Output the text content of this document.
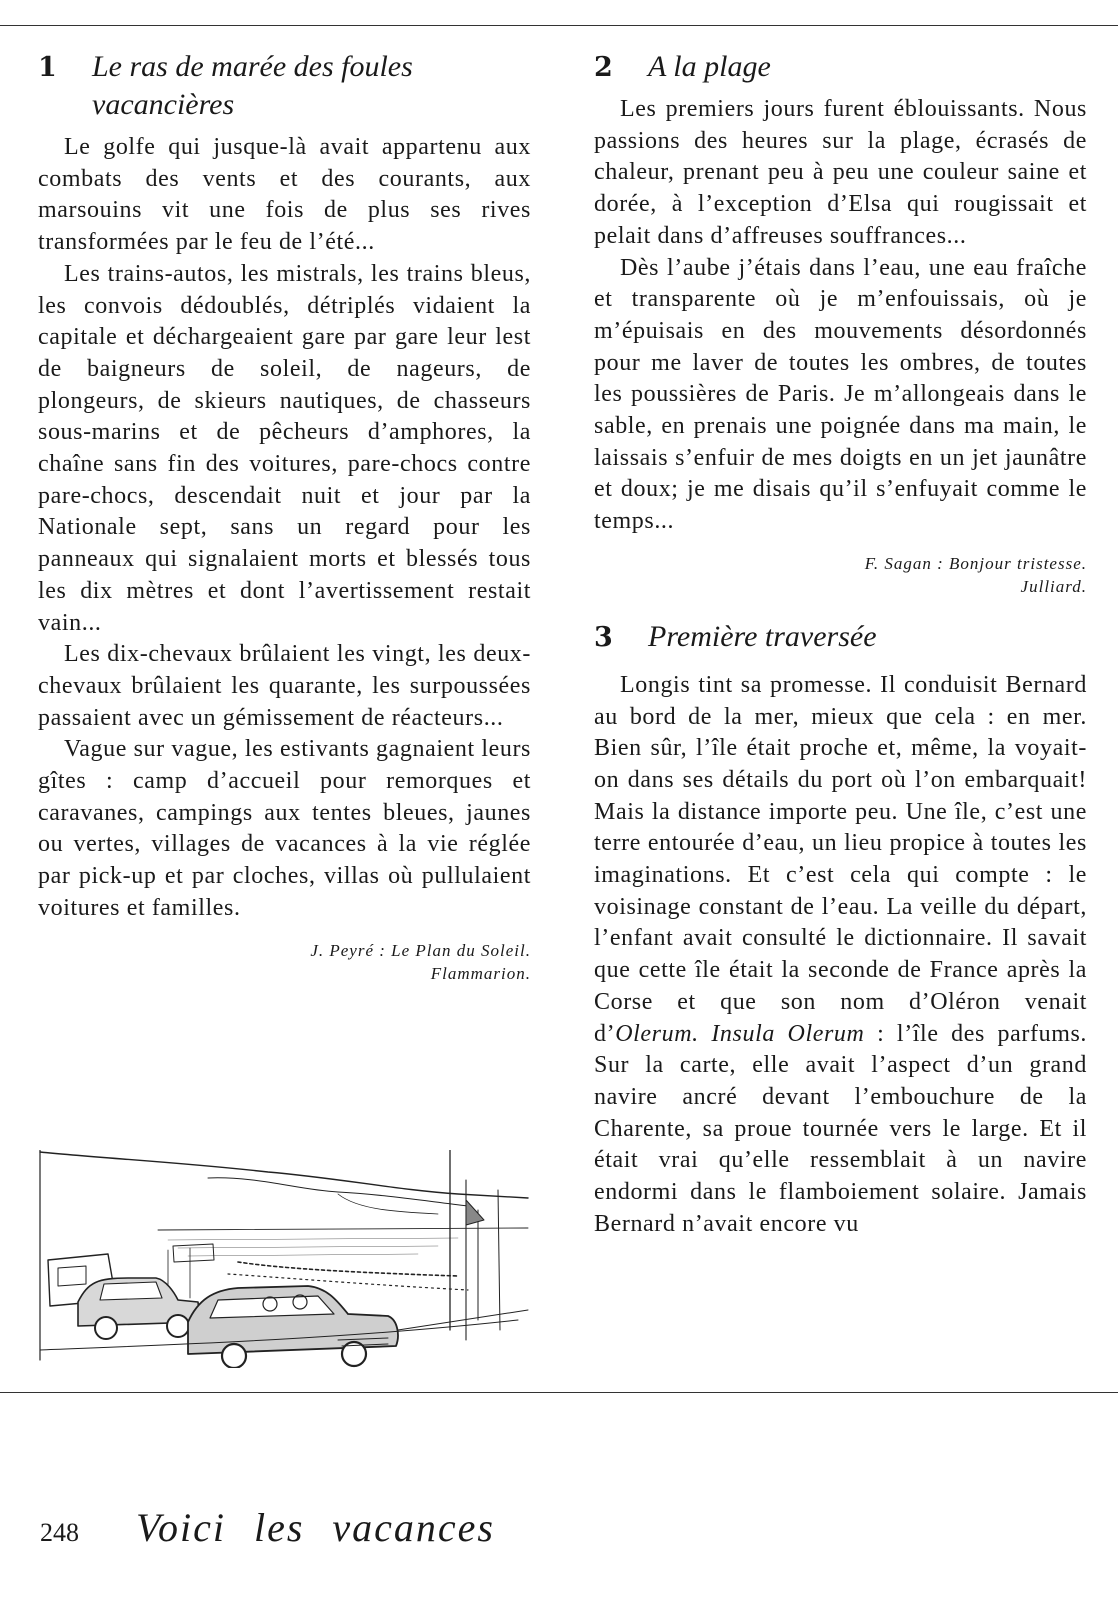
1	Le ras de marée des foules vacancières

Le golfe qui jusque-là avait appartenu aux combats des vents et des courants, aux marsouins vit une fois de plus ses rives transformées par le feu de l’été...

Les trains-autos, les mistrals, les trains bleus, les convois dédoublés, détriplés vidaient la capitale et déchargeaient gare par gare leur lest de baigneurs de soleil, de nageurs, de plongeurs, de skieurs nautiques, de chasseurs sous-marins et de pêcheurs d’amphores, la chaîne sans fin des voitures, pare-chocs contre pare-chocs, descendait nuit et jour par la Nationale sept, sans un regard pour les panneaux qui signalaient morts et blessés tous les dix mètres et dont l’avertissement restait vain...

Les dix-chevaux brûlaient les vingt, les deux-chevaux brûlaient les quarante, les surpoussées passaient avec un gémissement de réacteurs...

Vague sur vague, les estivants gagnaient leurs gîtes : camp d’accueil pour remorques et caravanes, campings aux tentes bleues, jaunes ou vertes, villages de vacances à la vie réglée par pick-up et par cloches, villas où pullulaient voitures et familles.

J. Peyré : Le Plan du Soleil.
Flammarion.
2	A la plage

Les premiers jours furent éblouissants. Nous passions des heures sur la plage, écrasés de chaleur, prenant peu à peu une couleur saine et dorée, à l’exception d’Elsa qui rougissait et pelait dans d’affreuses souffrances...

Dès l’aube j’étais dans l’eau, une eau fraîche et transparente où je m’enfouissais, où je m’épuisais en des mouvements désordonnés pour me laver de toutes les ombres, de toutes les poussières de Paris. Je m’allongeais dans le sable, en prenais une poignée dans ma main, le laissais s’enfuir de mes doigts en un jet jaunâtre et doux; je me disais qu’il s’enfuyait comme le temps...

F. Sagan : Bonjour tristesse.
Julliard.
3	Première traversée

Longis tint sa promesse. Il conduisit Bernard au bord de la mer, mieux que cela : en mer. Bien sûr, l’île était proche et, même, la voyait-on dans ses détails du port où l’on embarquait! Mais la distance importe peu. Une île, c’est une terre entourée d’eau, un lieu propice à toutes les imaginations. Et c’est cela qui compte : le voisinage constant de l’eau. La veille du départ, l’enfant avait consulté le dictionnaire. Il savait que cette île était la seconde de France après la Corse et que son nom d’Oléron venait d’Olerum. Insula Olerum : l’île des parfums. Sur la carte, elle avait l’aspect d’un grand navire ancré devant l’embouchure de la Charente, sa proue tournée vers le large. Et il était vrai qu’elle ressemblait à un navire endormi dans le flamboiement solaire. Jamais Bernard n’avait encore vu

248 Voici les vacances
